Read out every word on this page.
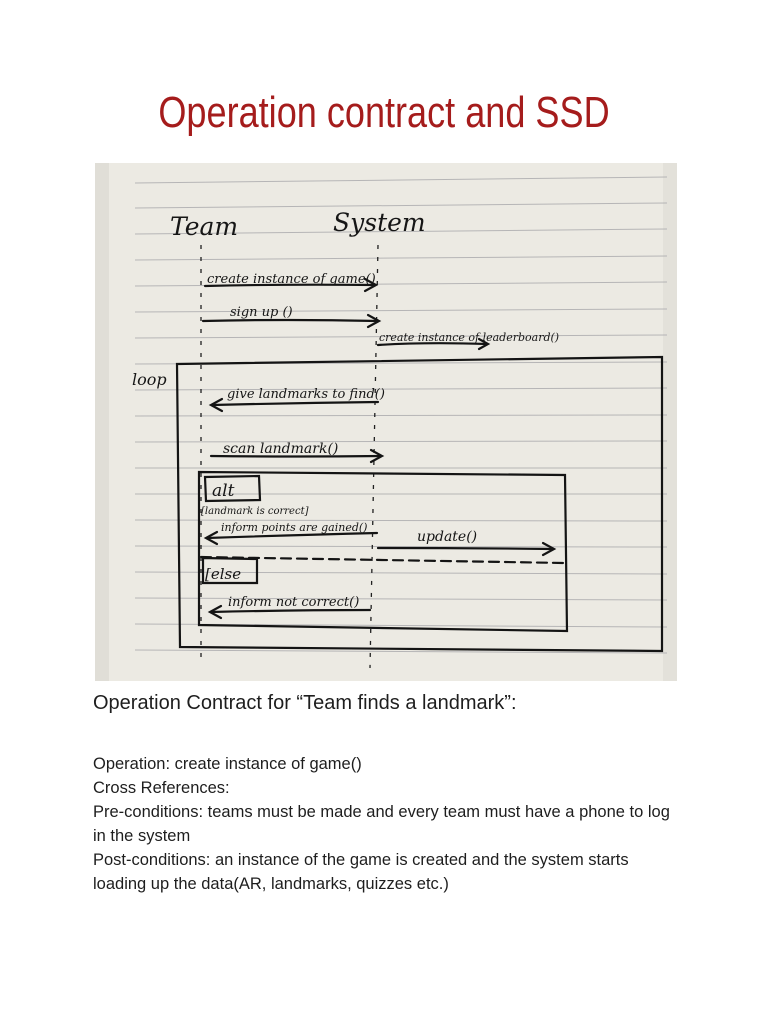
Operation contract and SSD
Team	System
create instance of game()
sign up ()
create instance of leaderboard()
loop
give landmarks to find()
scan landmark()
alt
[landmark is correct]
inform points are gained()
update()
[else
inform not correct()
Operation Contract for “Team finds a landmark”:

Operation: create instance of game()

Cross References:

Pre-conditions: teams must be made and every team must have a phone to log in the system

Post-conditions: an instance of the game is created and the system starts loading up the data(AR, landmarks, quizzes etc.)
